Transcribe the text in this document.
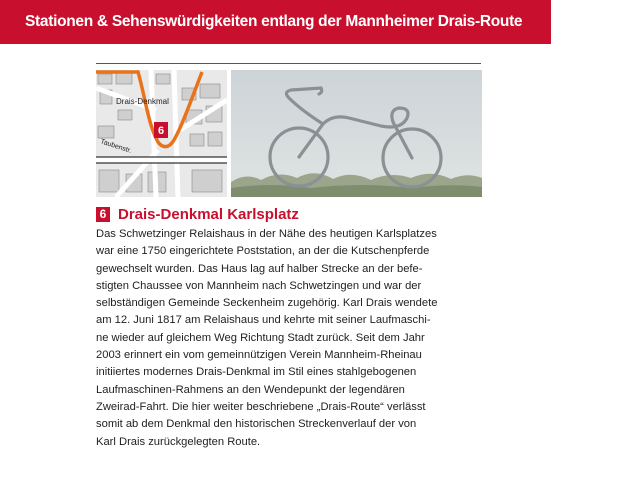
Stationen & Sehenswürdigkeiten entlang der Mannheimer Drais-Route
Drais-Denkmal
Taubenstr.
6
6 Drais-Denkmal Karlsplatz
Das Schwetzinger Relaishaus in der Nähe des heutigen Karlsplatzes
war eine 1750 eingerichtete Poststation, an der die Kutschenpferde
gewechselt wurden. Das Haus lag auf halber Strecke an der befe-
stigten Chaussee von Mannheim nach Schwetzingen und war der
selbständigen Gemeinde Seckenheim zugehörig. Karl Drais wendete
am 12. Juni 1817 am Relaishaus und kehrte mit seiner Laufmaschi-
ne wieder auf gleichem Weg Richtung Stadt zurück. Seit dem Jahr
2003 erinnert ein vom gemeinnützigen Verein Mannheim-Rheinau
initiiertes modernes Drais-Denkmal im Stil eines stahlgebogenen
Laufmaschinen-Rahmens an den Wendepunkt der legendären
Zweirad-Fahrt. Die hier weiter beschriebene „Drais-Route“ verlässt
somit ab dem Denkmal den historischen Streckenverlauf der von
Karl Drais zurückgelegten Route.
